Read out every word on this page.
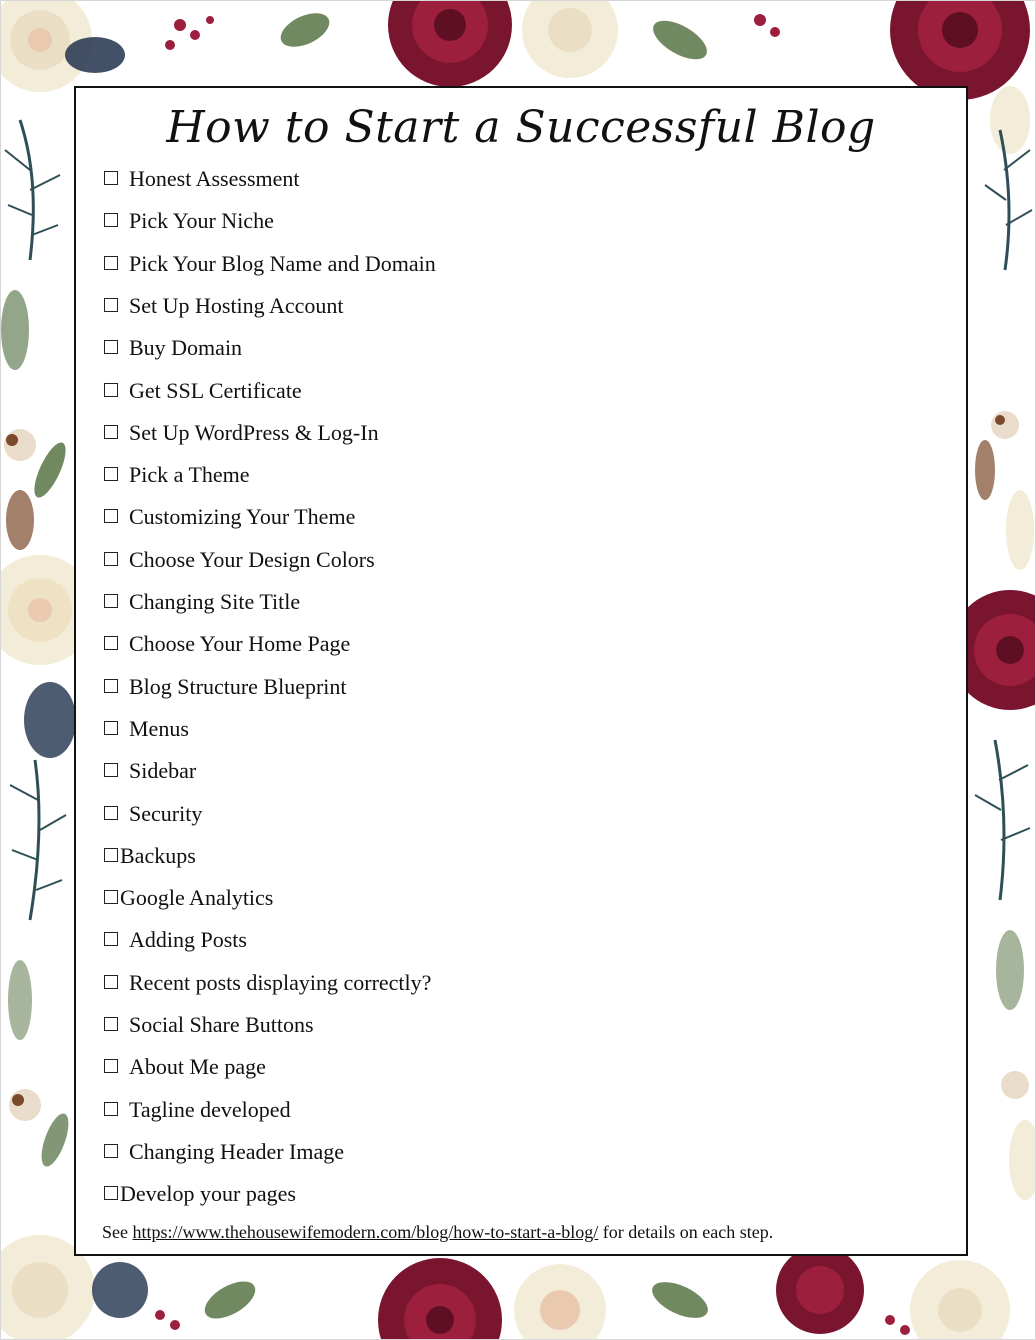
How to Start a Successful Blog
Honest Assessment
Pick Your Niche
Pick Your Blog Name and Domain
Set Up Hosting Account
Buy Domain
Get SSL Certificate
Set Up WordPress & Log-In
Pick a Theme
Customizing Your Theme
Choose Your Design Colors
Changing Site Title
Choose Your Home Page
Blog Structure Blueprint
Menus
Sidebar
Security
Backups
Google Analytics
Adding Posts
Recent posts displaying correctly?
Social Share Buttons
About Me page
Tagline developed
Changing Header Image
Develop your pages
See https://www.thehousewifemodern.com/blog/how-to-start-a-blog/ for details on each step.
